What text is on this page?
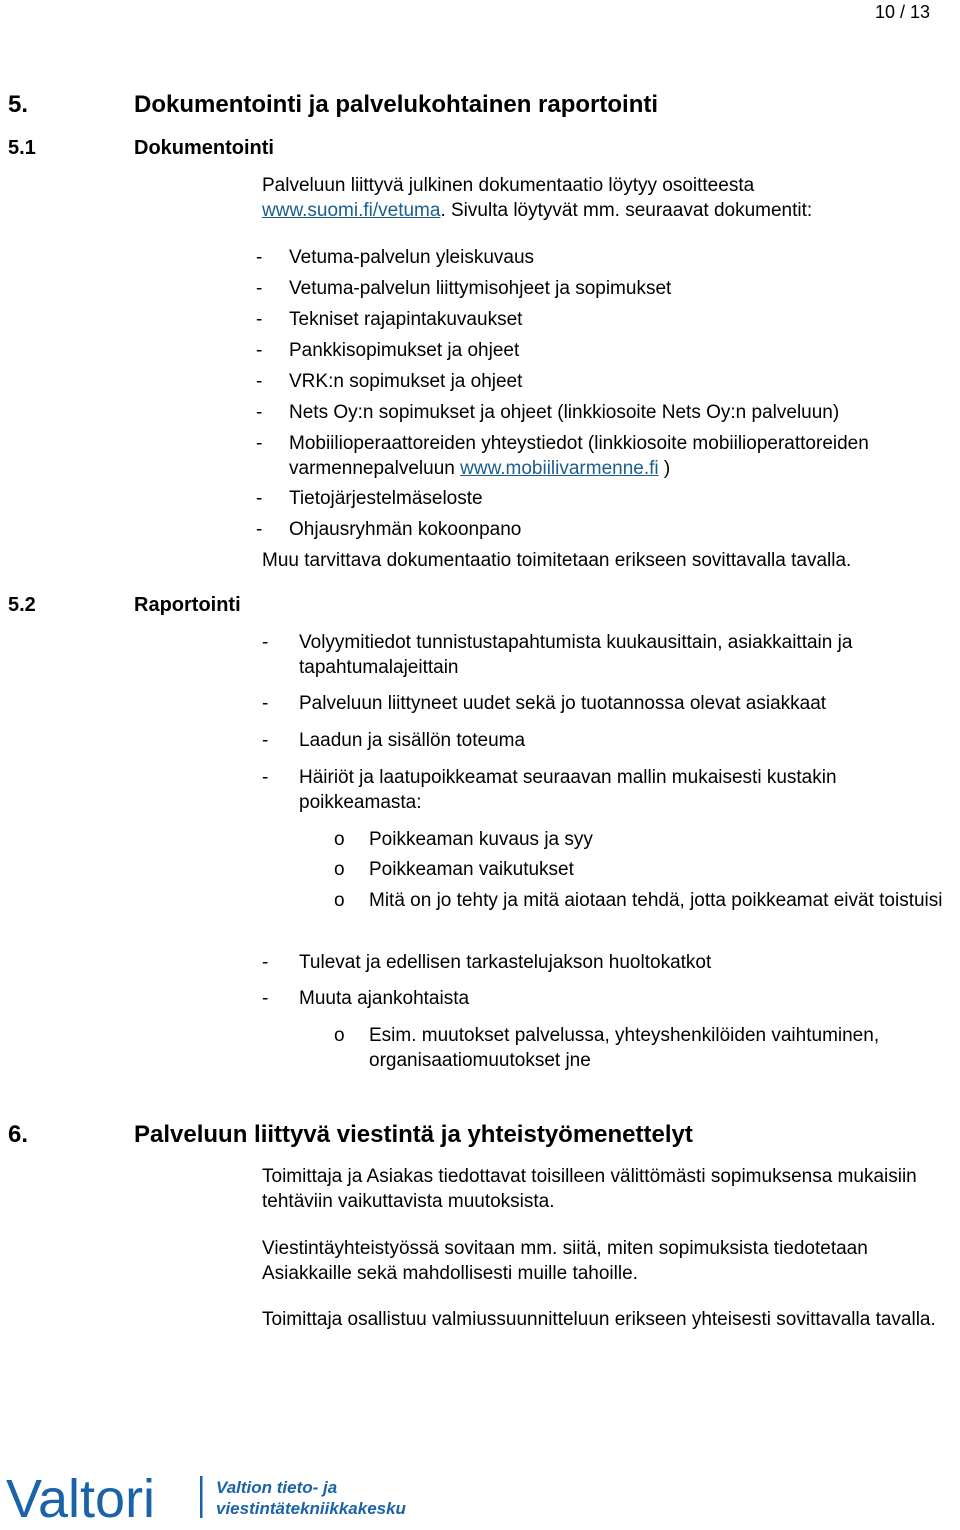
10 / 13
5.	Dokumentointi ja palvelukohtainen raportointi
5.1	Dokumentointi
Palveluun liittyvä julkinen dokumentaatio löytyy osoitteesta
www.suomi.fi/vetuma. Sivulta löytyvät mm. seuraavat dokumentit:
- Vetuma-palvelun yleiskuvaus
- Vetuma-palvelun liittymisohjeet ja sopimukset
- Tekniset rajapintakuvaukset
- Pankkisopimukset ja ohjeet
- VRK:n sopimukset ja ohjeet
- Nets Oy:n sopimukset ja ohjeet (linkkiosoite Nets Oy:n palveluun)
- Mobiilioperaattoreiden yhteystiedot (linkkiosoite mobiilioperattoreiden
varmennepalveluun www.mobiilivarmenne.fi )
- Tietojärjestelmäseloste
- Ohjausryhmän kokoonpano
Muu tarvittava dokumentaatio toimitetaan erikseen sovittavalla tavalla.
5.2	Raportointi
- Volyymitiedot tunnistustapahtumista kuukausittain, asiakkaittain ja tapahtumalajeittain
- Palveluun liittyneet uudet sekä jo tuotannossa olevat asiakkaat
- Laadun ja sisällön toteuma
- Häiriöt ja laatupoikkeamat seuraavan mallin mukaisesti kustakin poikkeamasta:
o Poikkeaman kuvaus ja syy
o Poikkeaman vaikutukset
o Mitä on jo tehty ja mitä aiotaan tehdä, jotta poikkeamat eivät toistuisi
- Tulevat ja edellisen tarkastelujakson huoltokatkot
- Muuta ajankohtaista
o Esim. muutokset palvelussa, yhteyshenkilöiden vaihtuminen, organisaatiomuutokset jne
6.	Palveluun liittyvä viestintä ja yhteistyömenettelyt
Toimittaja ja Asiakas tiedottavat toisilleen välittömästi sopimuksensa mukaisiin tehtäviin vaikuttavista muutoksista.
Viestintäyhteistyössä sovitaan mm. siitä, miten sopimuksista tiedotetaan Asiakkaille sekä mahdollisesti muille tahoille.
Toimittaja osallistuu valmiussuunnitteluun erikseen yhteisesti sovittavalla tavalla.
Valtori	Valtion tieto- ja
viestintätekniikkakeskus
